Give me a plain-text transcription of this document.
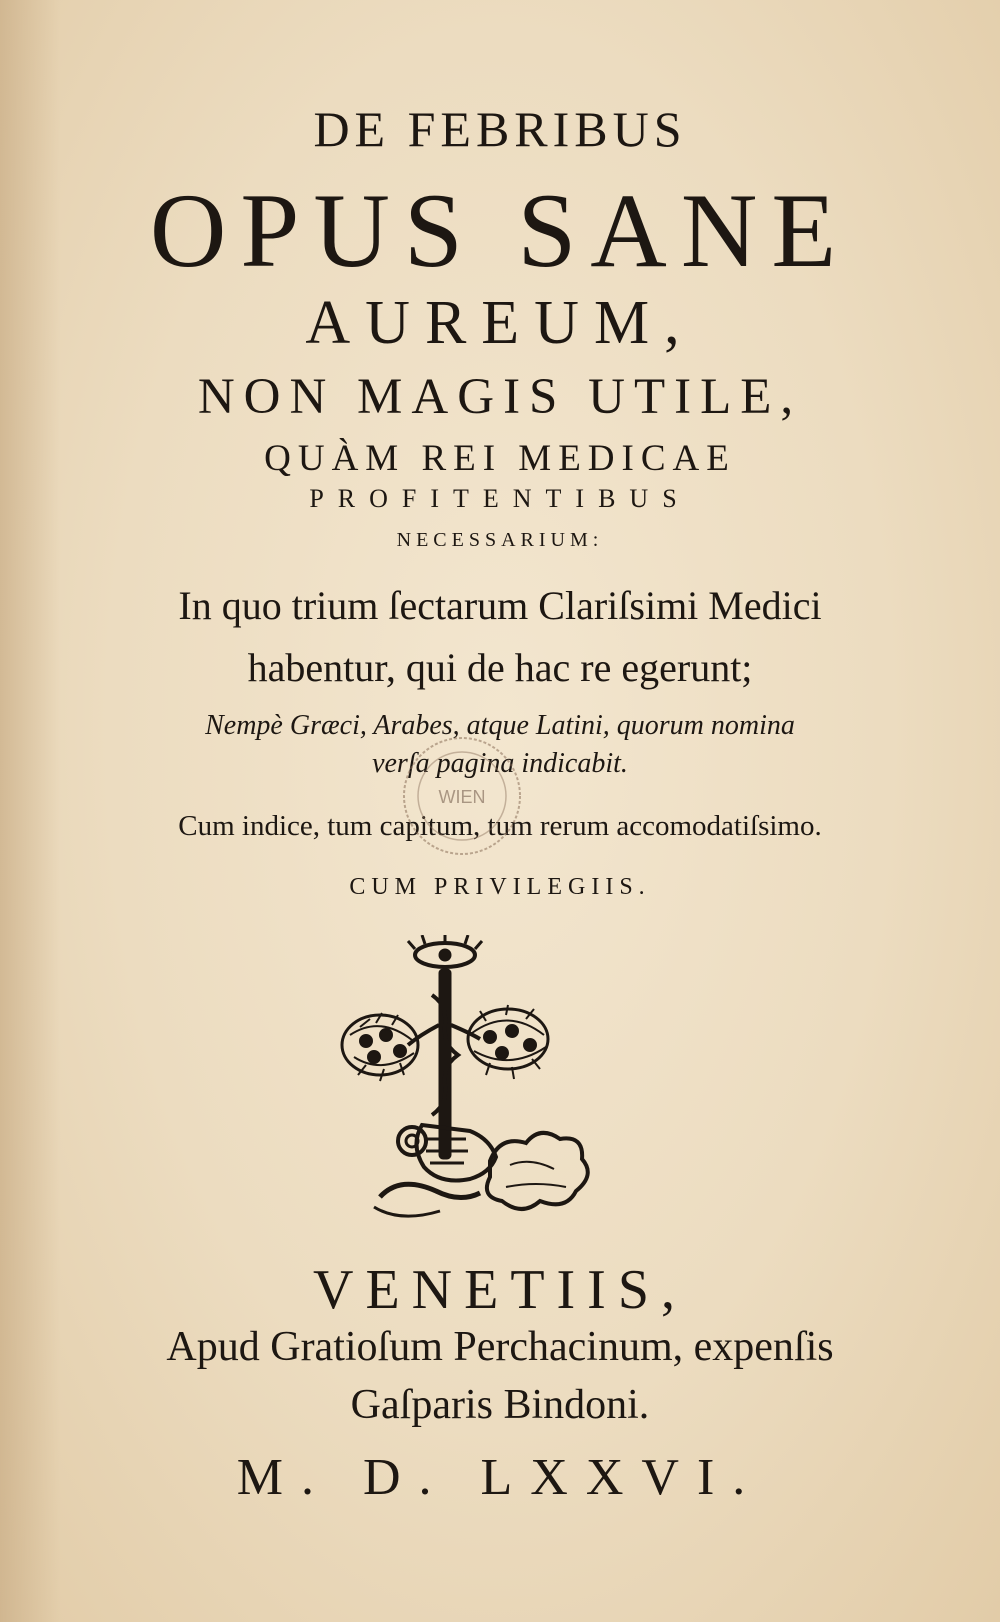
DE FEBRIBUS
OPUS SANE
AUREUM,
NON MAGIS UTILE,
QUÀM REI MEDICAE
PROFITENTIBUS
NECESSARIUM:
In quo trium ſectarum Clariſsimi Medici
habentur, qui de hac re egerunt;
Nempè Græci, Arabes, atque Latini, quorum nomina
verſa pagina indicabit.
Cum indice, tum capitum, tum rerum accomodatiſsimo.
CUM PRIVILEGIIS.
WIEN
VENETIIS,
Apud Gratioſum Perchacinum, expenſis
Gaſparis Bindoni.
M. D. LXXVI.
